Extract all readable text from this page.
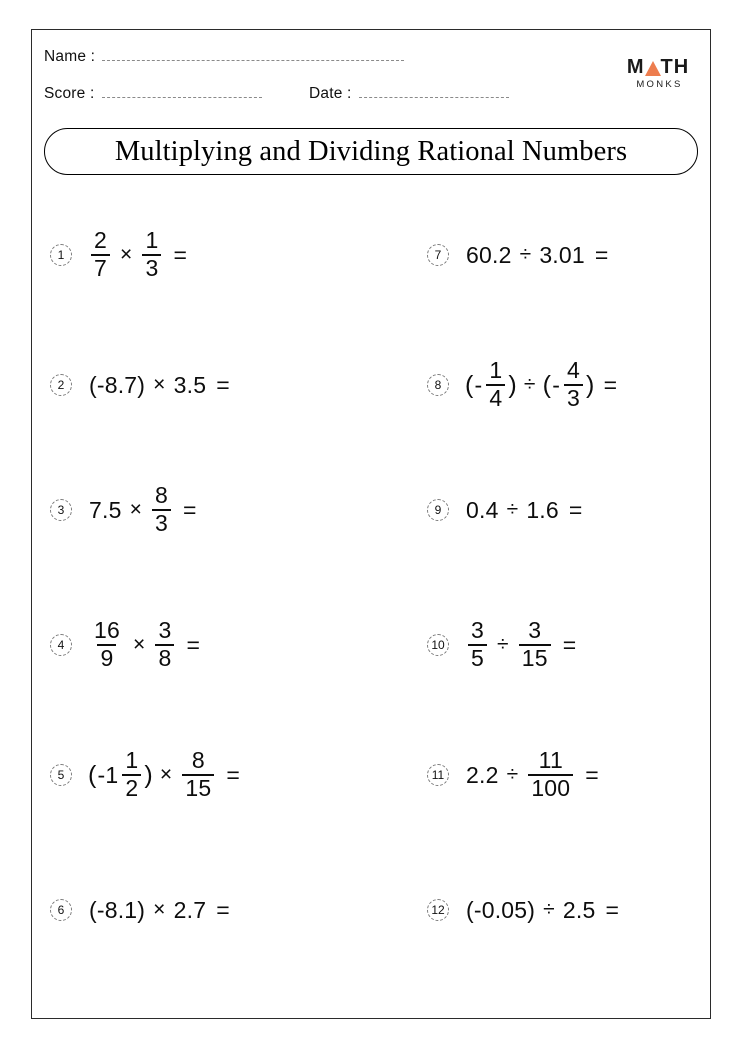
Name :
Score :	Date :
M TH
MONKS
Multiplying and Dividing Rational Numbers
1	$\frac{2}{7} \times \frac{1}{3}$ =
2	(-8.7) × 3.5 =
3	$7.5 \times \frac{8}{3}$ =
4	$\frac{16}{9} \times \frac{3}{8}$ =
5 ( $-1 \frac{1}{2}$ ) × $\frac{8}{15}$ =
6	(-8.1) × 2.7 =
7	60.2 ÷ 3.01 =
8 ( - $\frac{1}{4}$ ) ÷ ( - $\frac{4}{3}$ ) =
9	0.4 ÷ 1.6 =
$10 \frac{3}{5} \div \frac{3}{15}$ =
11 $2.2 \div \frac{11}{100}$ =
12 (-0.05) ÷ 2.5 =
